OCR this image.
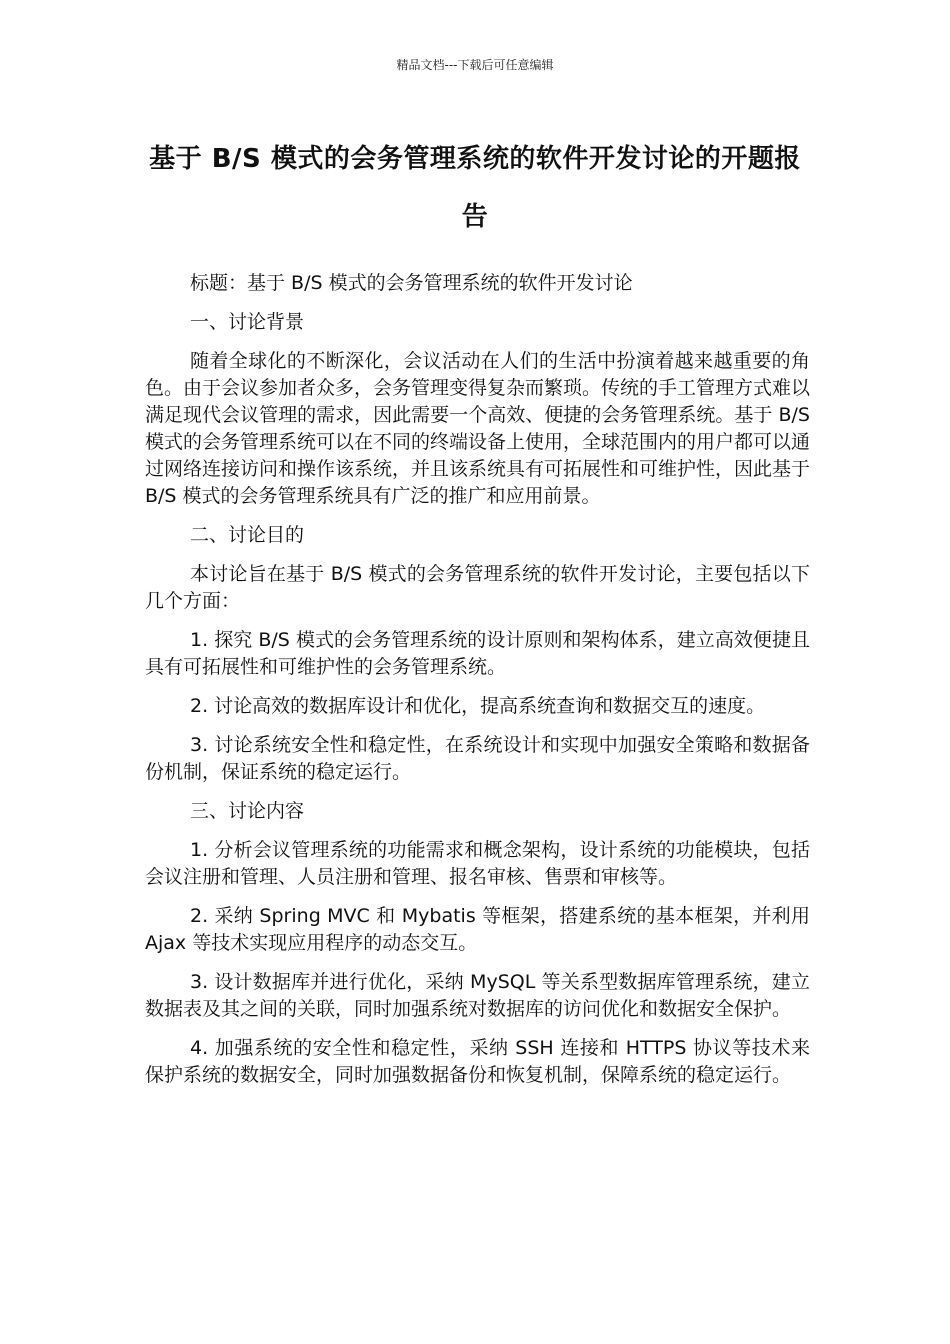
精品文档---下载后可任意编辑
基于 B/S 模式的会务管理系统的软件开发讨论的开题报告

标题：基于 B/S 模式的会务管理系统的软件开发讨论

一、讨论背景

随着全球化的不断深化，会议活动在人们的生活中扮演着越来越重要的角色。由于会议参加者众多，会务管理变得复杂而繁琐。传统的手工管理方式难以满足现代会议管理的需求，因此需要一个高效、便捷的会务管理系统。基于 B/S 模式的会务管理系统可以在不同的终端设备上使用，全球范围内的用户都可以通过网络连接访问和操作该系统，并且该系统具有可拓展性和可维护性，因此基于 B/S 模式的会务管理系统具有广泛的推广和应用前景。

二、讨论目的

本讨论旨在基于 B/S 模式的会务管理系统的软件开发讨论，主要包括以下几个方面：

1. 探究 B/S 模式的会务管理系统的设计原则和架构体系，建立高效便捷且具有可拓展性和可维护性的会务管理系统。

2. 讨论高效的数据库设计和优化，提高系统查询和数据交互的速度。

3. 讨论系统安全性和稳定性，在系统设计和实现中加强安全策略和数据备份机制，保证系统的稳定运行。

三、讨论内容

1. 分析会议管理系统的功能需求和概念架构，设计系统的功能模块，包括会议注册和管理、人员注册和管理、报名审核、售票和审核等。

2. 采纳 Spring MVC 和 Mybatis 等框架，搭建系统的基本框架，并利用 Ajax 等技术实现应用程序的动态交互。

3. 设计数据库并进行优化，采纳 MySQL 等关系型数据库管理系统，建立数据表及其之间的关联，同时加强系统对数据库的访问优化和数据安全保护。

4. 加强系统的安全性和稳定性，采纳 SSH 连接和 HTTPS 协议等技术来保护系统的数据安全，同时加强数据备份和恢复机制，保障系统的稳定运行。
